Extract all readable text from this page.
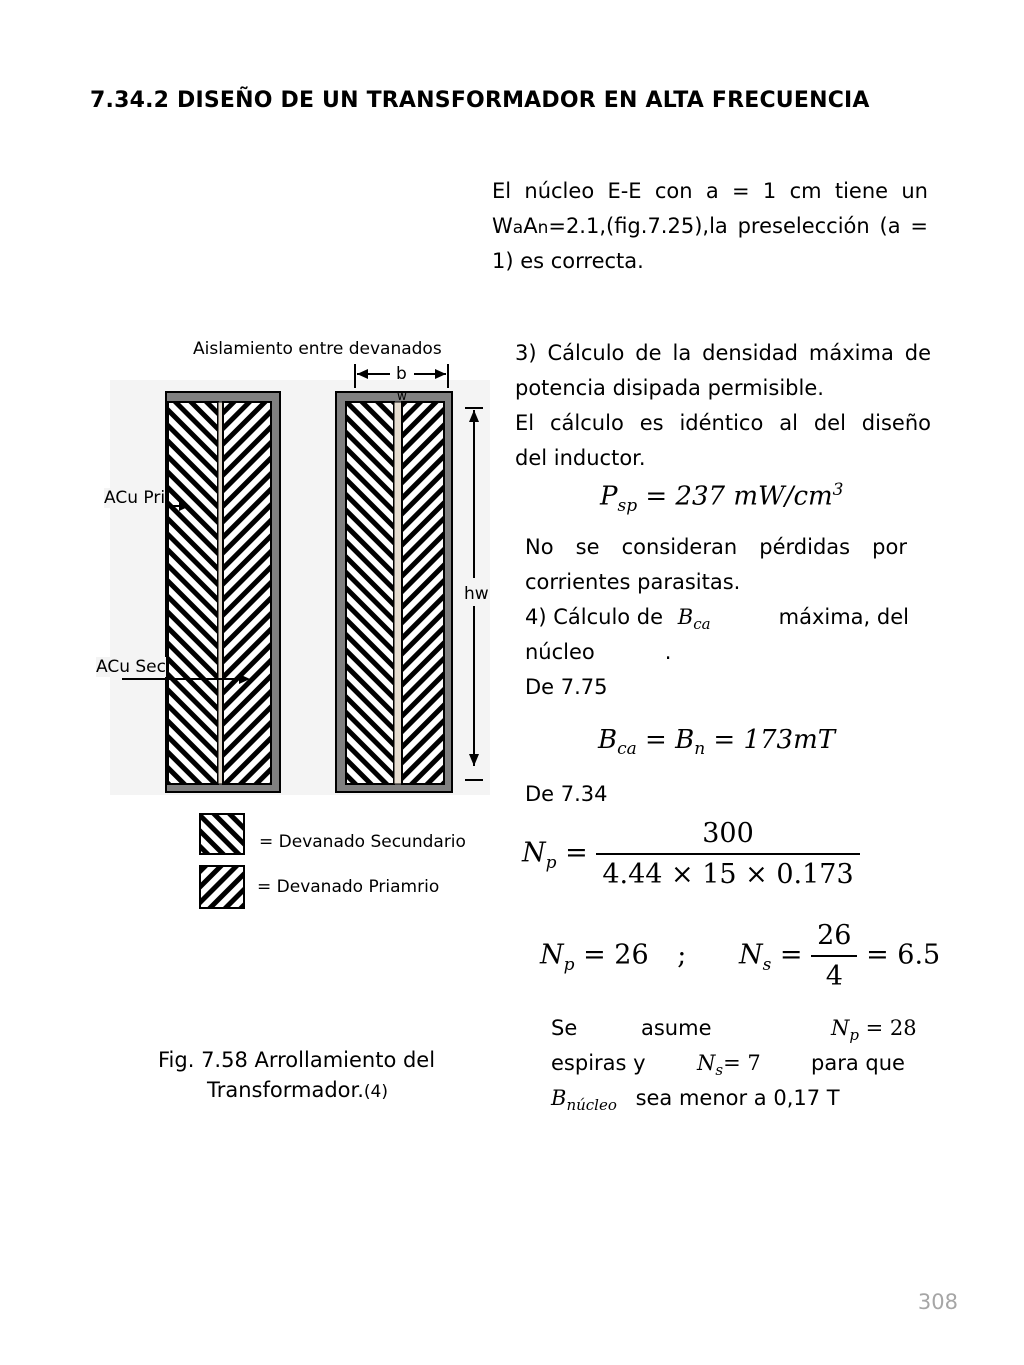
7.34.2 DISEÑO DE UN TRANSFORMADOR EN ALTA FRECUENCIA
El núcleo E-E con a = 1 cm tiene un
WaAn=2.1,(fig.7.25),la preselección (a =
1) es correcta.
Aislamiento entre devanados
b
w
hw
ACu Pri
ACu Sec
= Devanado Secundario
= Devanado Priamrio
Fig. 7.58 Arrollamiento del
Transformador.(4)
3) Cálculo de la densidad máxima de
potencia disipada permisible.
El cálculo es idéntico al del diseño
del inductor.
$P_{sp} = 237$ $mW/cm^3$
No se consideran pérdidas por
corrientes parasitas.
4) Cálculo de $B_{ca}$	máxima, del
núcleo	.
De 7.75
$B_{ca} = B_n = 173mT$
De 7.34
$N_p = \frac{300}{4.44 \times 15 \times 0.173}$
$N_p = 26$ ; $N_s = \frac{26}{4} = 6.5$
Se	asume	$N_p = 28$
espiras y $N_s= 7$ para que
$B_{núcleo}$ sea menor a 0,17 T
308
